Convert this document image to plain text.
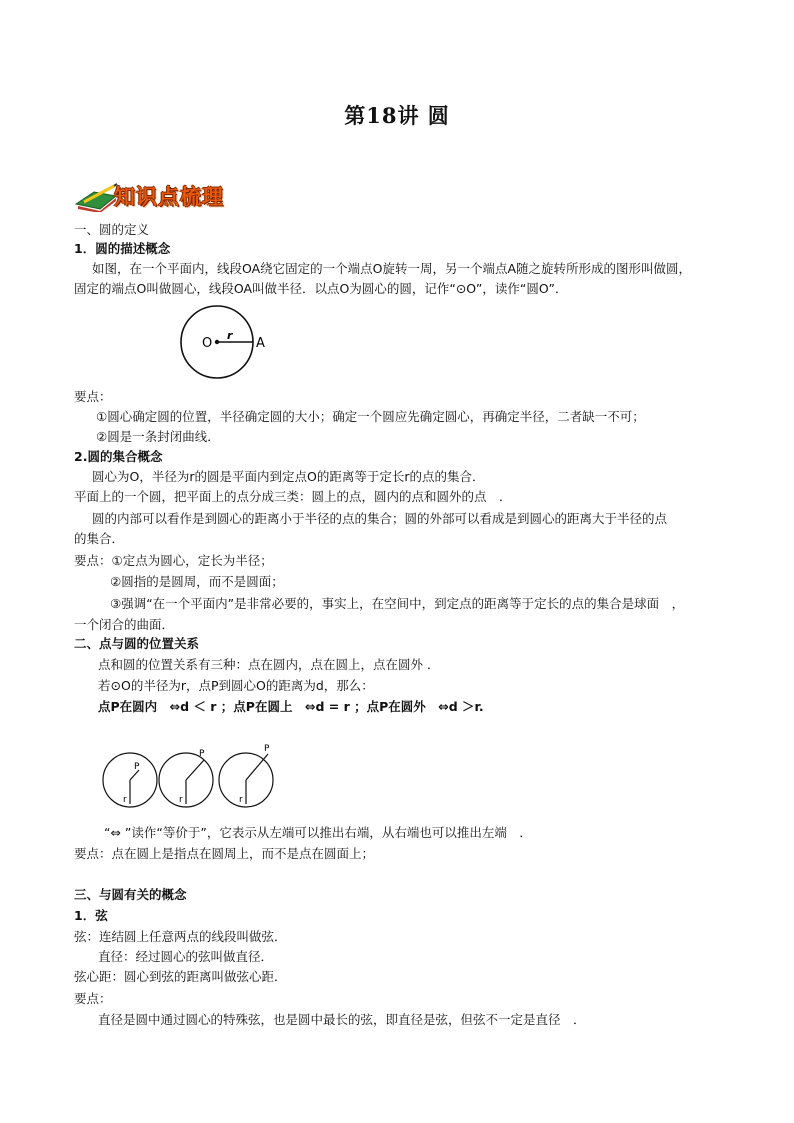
第18讲 圆
知识点梳理
一、圆的定义
1．圆的描述概念
如图，在一个平面内，线段OA绕它固定的一个端点O旋转一周，另一个端点A随之旋转所形成的图形叫做圆，
固定的端点O叫做圆心，线段OA叫做半径．以点O为圆心的圆，记作“⊙O”，读作“圆O”．
O
r
A
要点：
①圆心确定圆的位置，半径确定圆的大小；确定一个圆应先确定圆心，再确定半径，二者缺一不可；
②圆是一条封闭曲线．
2.圆的集合概念
圆心为O，半径为r的圆是平面内到定点O的距离等于定长r的点的集合．
平面上的一个圆，把平面上的点分成三类：圆上的点，圆内的点和圆外的点　．
圆的内部可以看作是到圆心的距离小于半径的点的集合；圆的外部可以看成是到圆心的距离大于半径的点
的集合．
要点：①定点为圆心，定长为半径；
②圆指的是圆周，而不是圆面；
③强调“在一个平面内”是非常必要的，事实上，在空间中，到定点的距离等于定长的点的集合是球面　，
一个闭合的曲面．
二、点与圆的位置关系
点和圆的位置关系有三种：点在圆内，点在圆上，点在圆外 ．
若⊙O的半径为r，点P到圆心O的距离为d，那么：
点P在圆内　⇔d ＜ r ；点P在圆上　⇔d = r ；点P在圆外　⇔d ＞r.
P
r
P
r
P
r
“⇔ ”读作“等价于”，它表示从左端可以推出右端，从右端也可以推出左端　．
要点：点在圆上是指点在圆周上，而不是点在圆面上；
三、与圆有关的概念
1．弦
弦：连结圆上任意两点的线段叫做弦．
直径：经过圆心的弦叫做直径．
弦心距：圆心到弦的距离叫做弦心距．
要点：
直径是圆中通过圆心的特殊弦，也是圆中最长的弦，即直径是弦，但弦不一定是直径　．
